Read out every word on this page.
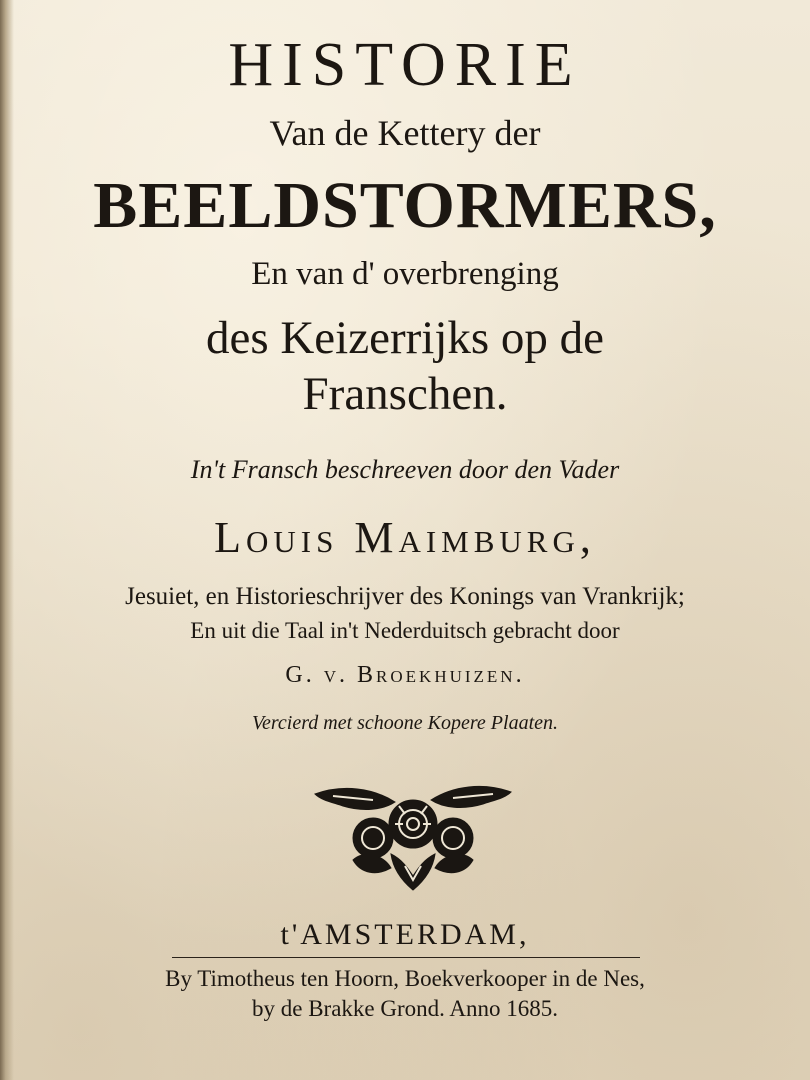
HISTORIE
Van de Kettery der
BEELDSTORMERS,
En van d' overbrenging
des Keizerrijks op de
Franschen.
In't Fransch beschreeven door den Vader
Louis Maimburg,
Jesuiet, en Historieschrijver des Konings van Vrankrijk;
En uit die Taal in't Nederduitsch gebracht door
G. v. Broekhuizen.
Vercierd met schoone Kopere Plaaten.
t'AMSTERDAM,
By Timotheus ten Hoorn, Boekverkooper in de Nes,
by de Brakke Grond. Anno 1685.
